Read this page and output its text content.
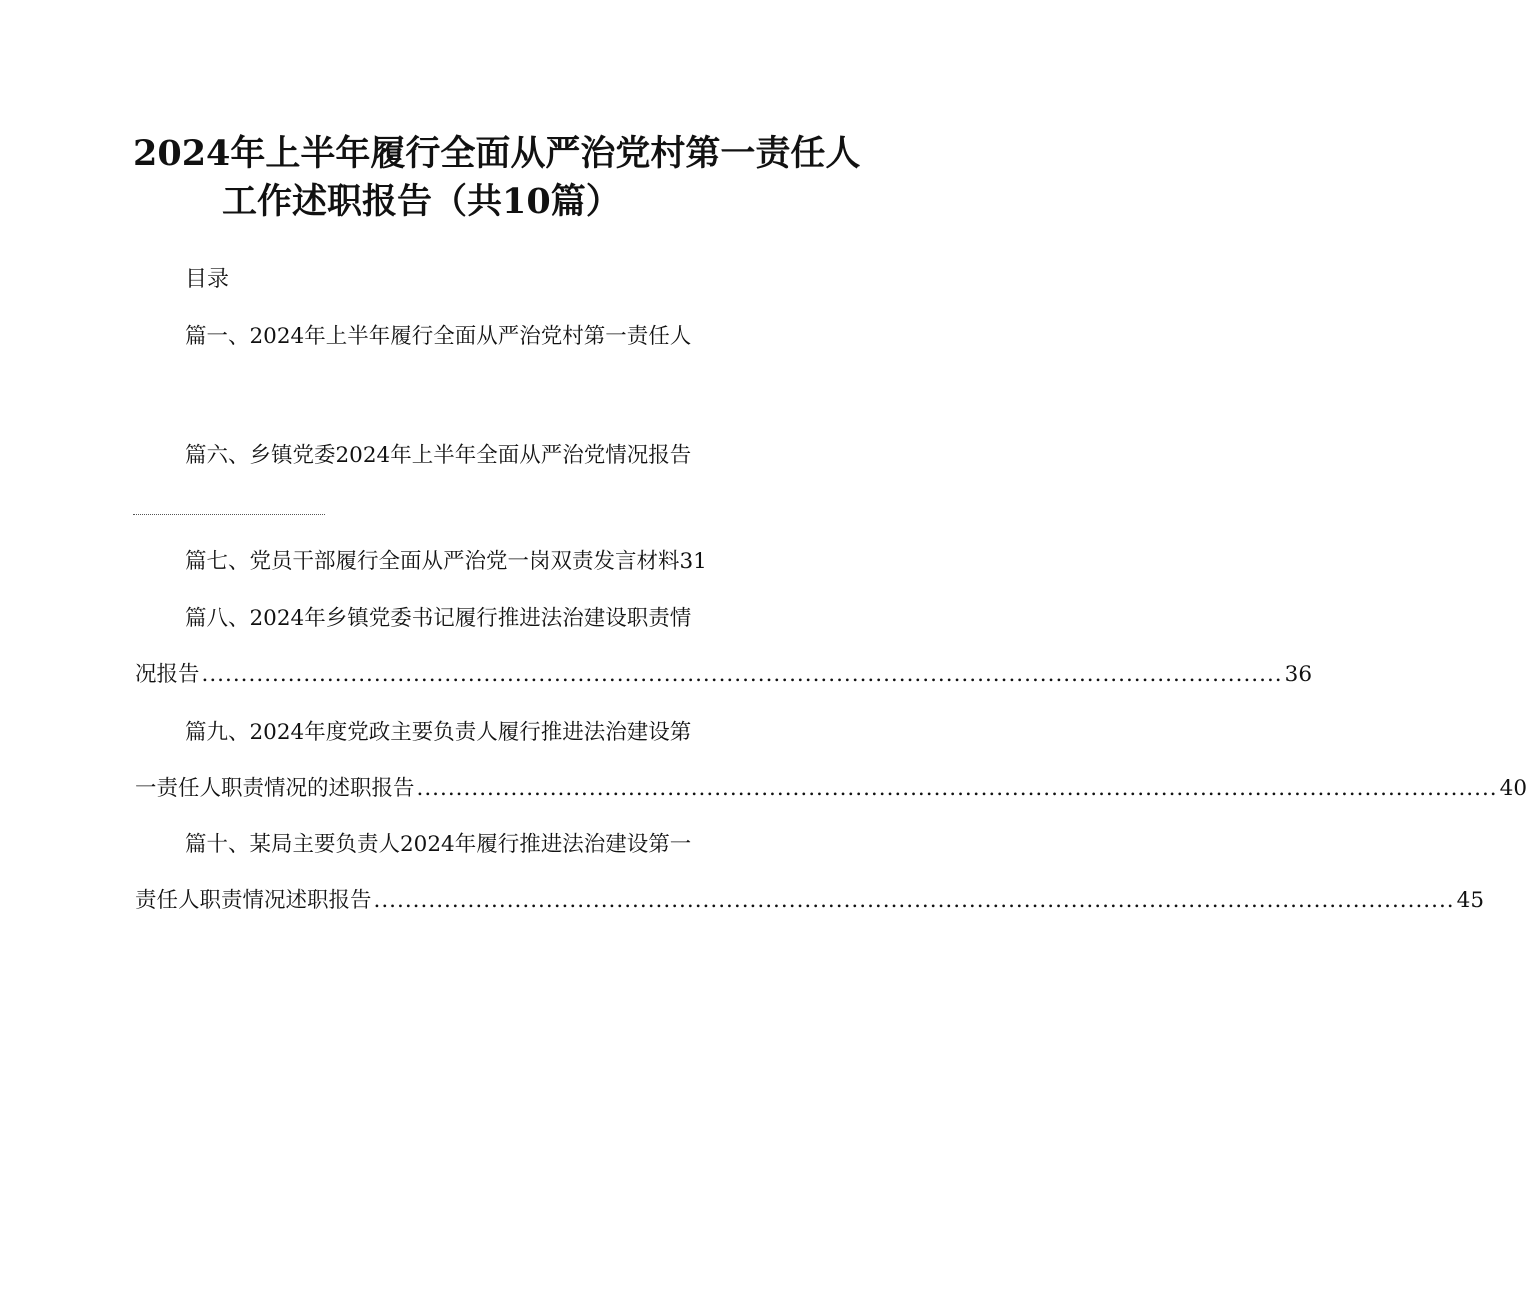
2024年上半年履行全面从严治党村第一责任人
工作述职报告（共10篇）
目录
篇一、2024年上半年履行全面从严治党村第一责任人
篇六、乡镇党委2024年上半年全面从严治党情况报告
篇七、党员干部履行全面从严治党一岗双责发言材料31
篇八、2024年乡镇党委书记履行推进法治建设职责情
况报告 .......................................................................................................................................... 36
篇九、2024年度党政主要负责人履行推进法治建设第
一责任人职责情况的述职报告 .......................................................................................................................................... 40
篇十、某局主要负责人2024年履行推进法治建设第一
责任人职责情况述职报告 .......................................................................................................................................... 45
